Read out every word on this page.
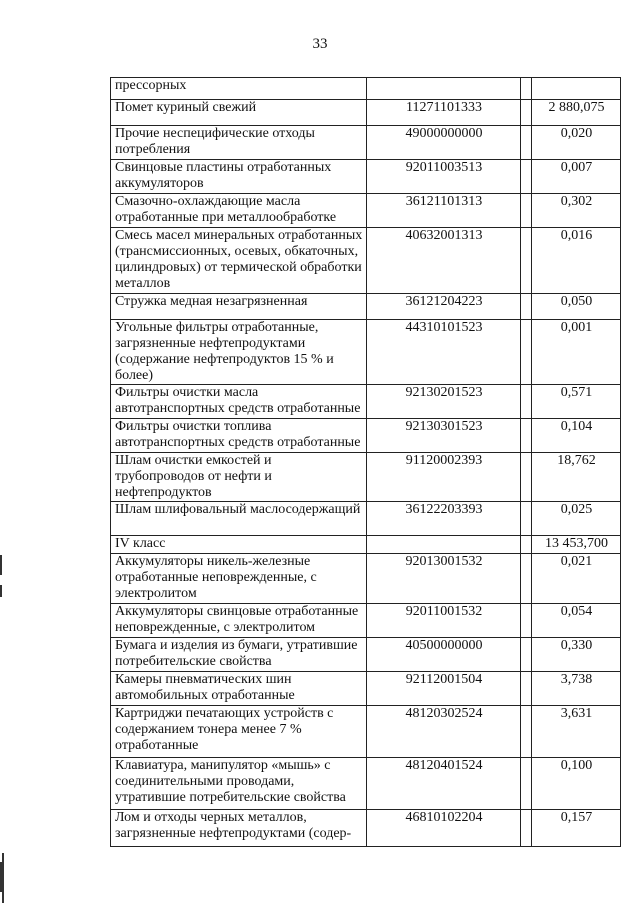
33
прессорных			
Помет куриный свежий	11271101333		2 880,075
Прочие неспецифические отходы потребления	49000000000		0,020
Свинцовые пластины отработанных аккумуляторов	92011003513		0,007
Смазочно-охлаждающие масла отработанные при металлообработке	36121101313		0,302
Смесь масел минеральных отработанных (трансмиссионных, осевых, обкаточных, цилиндровых) от термической обработки металлов	40632001313		0,016
Стружка медная незагрязненная	36121204223		0,050
Угольные фильтры отработанные, загрязненные нефтепродуктами (содержание нефтепродуктов 15 % и более)	44310101523		0,001
Фильтры очистки масла автотранспортных средств отработанные	92130201523		0,571
Фильтры очистки топлива автотранспортных средств отработанные	92130301523		0,104
Шлам очистки емкостей и трубопроводов от нефти и нефтепродуктов	91120002393		18,762
Шлам шлифовальный маслосодержащий	36122203393		0,025
IV класс			13 453,700
Аккумуляторы никель-железные отработанные неповрежденные, с электролитом	92013001532		0,021
Аккумуляторы свинцовые отработанные неповрежденные, с электролитом	92011001532		0,054
Бумага и изделия из бумаги, утратившие потребительские свойства	40500000000		0,330
Камеры пневматических шин автомобильных отработанные	92112001504		3,738
Картриджи печатающих устройств с содержанием тонера менее 7 % отработанные	48120302524		3,631
Клавиатура, манипулятор «мышь» с соединительными проводами, утратившие потребительские свойства	48120401524		0,100
Лом и отходы черных металлов, загрязненные нефтепродуктами (содер-	46810102204		0,157
